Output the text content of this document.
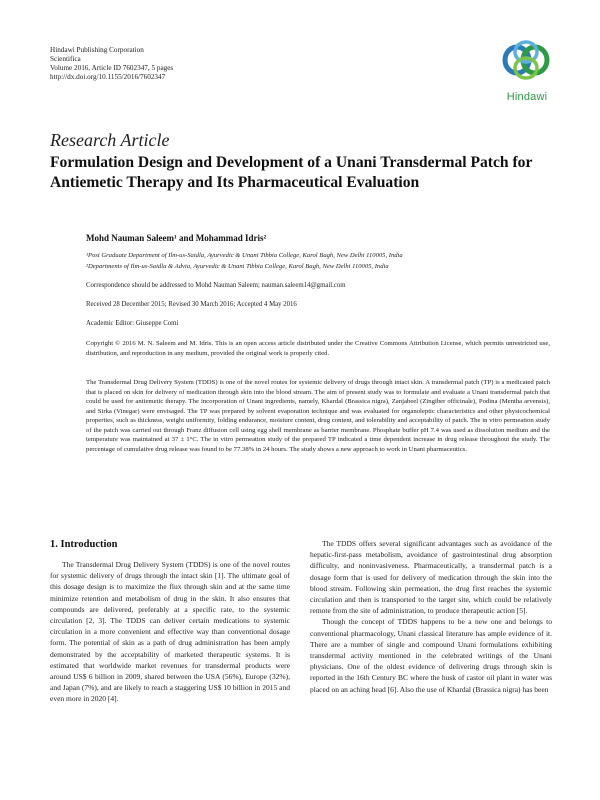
Hindawi Publishing Corporation
Scientifica
Volume 2016, Article ID 7602347, 5 pages
http://dx.doi.org/10.1155/2016/7602347
Hindawi
Research Article
Formulation Design and Development of a Unani Transdermal Patch for Antiemetic Therapy and Its Pharmaceutical Evaluation
Mohd Nauman Saleem¹ and Mohammad Idris²
¹Post Graduate Department of Ilm-us-Saidla, Ayurvedic & Unani Tibbia College, Karol Bagh, New Delhi 110005, India
²Departments of Ilm-us-Saidla & Advia, Ayurvedic & Unani Tibbia College, Karol Bagh, New Delhi 110005, India
Correspondence should be addressed to Mohd Nauman Saleem; nauman.saleem14@gmail.com
Received 28 December 2015; Revised 30 March 2016; Accepted 4 May 2016
Academic Editor: Giuseppe Comi
Copyright © 2016 M. N. Saleem and M. Idris. This is an open access article distributed under the Creative Commons Attribution License, which permits unrestricted use, distribution, and reproduction in any medium, provided the original work is properly cited.
The Transdermal Drug Delivery System (TDDS) is one of the novel routes for systemic delivery of drugs through intact skin. A transdermal patch (TP) is a medicated patch that is placed on skin for delivery of medication through skin into the blood stream. The aim of present study was to formulate and evaluate a Unani transdermal patch that could be used for antiemetic therapy. The incorporation of Unani ingredients, namely, Khardal (Brassica nigra), Zanjabeel (Zingiber officinale), Podina (Mentha arvensis), and Sirka (Vinegar) were envisaged. The TP was prepared by solvent evaporation technique and was evaluated for organoleptic characteristics and other physicochemical properties, such as thickness, weight uniformity, folding endurance, moisture content, drug content, and tolerability and acceptability of patch. The in vitro permeation study of the patch was carried out through Franz diffusion cell using egg shell membrane as barrier membrane. Phosphate buffer pH 7.4 was used as dissolution medium and the temperature was maintained at 37 ± 1°C. The in vitro permeation study of the prepared TP indicated a time dependent increase in drug release throughout the study. The percentage of cumulative drug release was found to be 77.38% in 24 hours. The study shows a new approach to work in Unani pharmaceutics.
1. Introduction

The Transdermal Drug Delivery System (TDDS) is one of the novel routes for systemic delivery of drugs through the intact skin [1]. The ultimate goal of this dosage design is to maximize the flux through skin and at the same time minimize retention and metabolism of drug in the skin. It also ensures that compounds are delivered, preferably at a specific rate, to the systemic circulation [2, 3]. The TDDS can deliver certain medications to systemic circulation in a more convenient and effective way than conventional dosage form. The potential of skin as a path of drug administration has been amply demonstrated by the acceptability of marketed therapeutic systems. It is estimated that worldwide market revenues for transdermal products were around US$ 6 billion in 2009, shared between the USA (56%), Europe (32%), and Japan (7%), and are likely to reach a staggering US$ 10 billion in 2015 and even more in 2020 [4].

The TDDS offers several significant advantages such as avoidance of the hepatic-first-pass metabolism, avoidance of gastrointestinal drug absorption difficulty, and noninvasiveness. Pharmaceutically, a transdermal patch is a dosage form that is used for delivery of medication through the skin into the blood stream. Following skin permeation, the drug first reaches the systemic circulation and then is transported to the target site, which could be relatively remote from the site of administration, to produce therapeutic action [5].

Though the concept of TDDS happens to be a new one and belongs to conventional pharmacology, Unani classical literature has ample evidence of it. There are a number of single and compound Unani formulations exhibiting transdermal activity mentioned in the celebrated writings of the Unani physicians. One of the oldest evidence of delivering drugs through skin is reported in the 16th Century BC where the husk of castor oil plant in water was placed on an aching head [6]. Also the use of Khardal (Brassica nigra) has been
